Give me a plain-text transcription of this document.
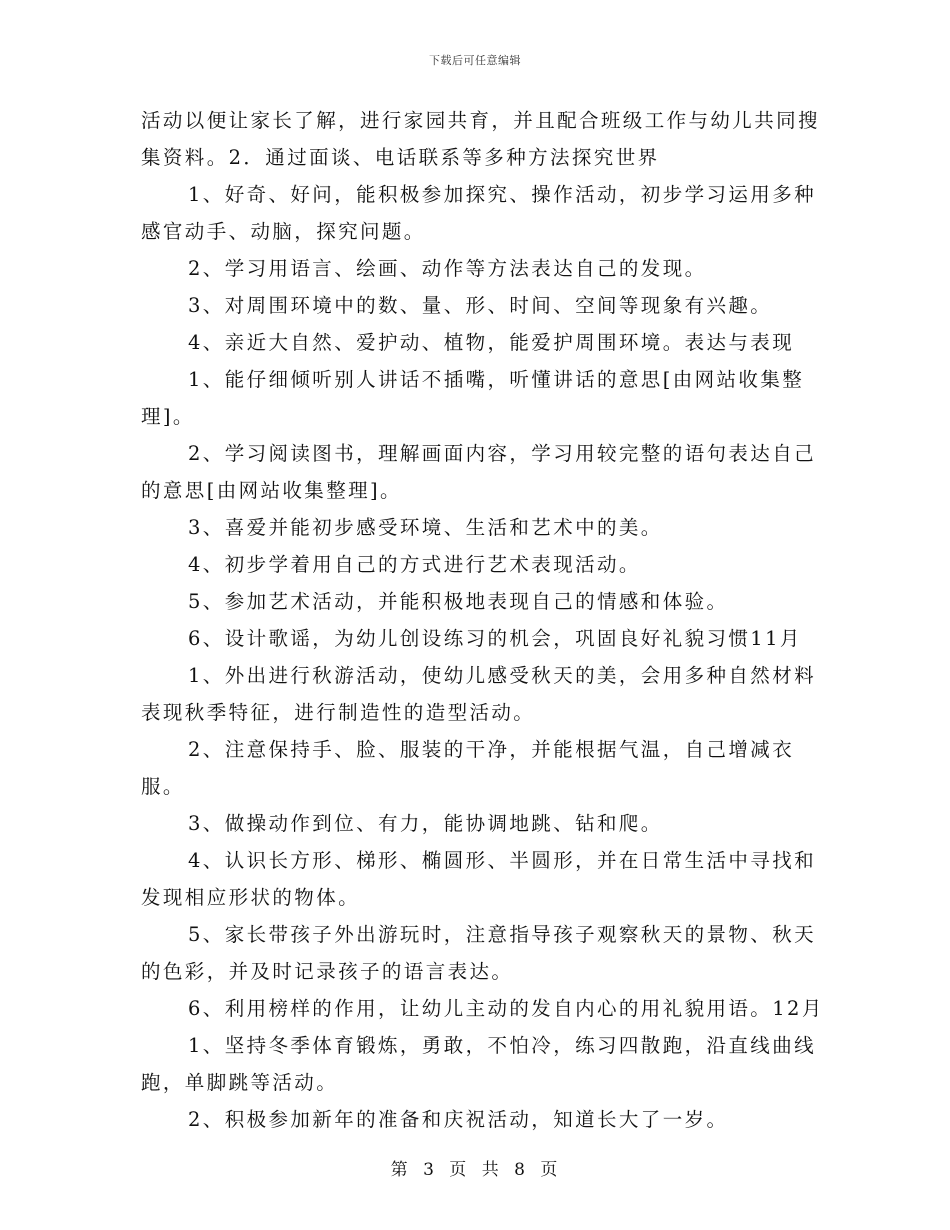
下载后可任意编辑

活动以便让家长了解，进行家园共育，并且配合班级工作与幼儿共同搜集资料。2．通过面谈、电话联系等多种方法探究世界

1、好奇、好问，能积极参加探究、操作活动，初步学习运用多种感官动手、动脑，探究问题。

2、学习用语言、绘画、动作等方法表达自己的发现。

3、对周围环境中的数、量、形、时间、空间等现象有兴趣。

4、亲近大自然、爱护动、植物，能爱护周围环境。表达与表现

1、能仔细倾听别人讲话不插嘴，听懂讲话的意思[由网站收集整理]。

2、学习阅读图书，理解画面内容，学习用较完整的语句表达自己的意思[由网站收集整理]。

3、喜爱并能初步感受环境、生活和艺术中的美。

4、初步学着用自己的方式进行艺术表现活动。

5、参加艺术活动，并能积极地表现自己的情感和体验。

6、设计歌谣，为幼儿创设练习的机会，巩固良好礼貌习惯11月

1、外出进行秋游活动，使幼儿感受秋天的美，会用多种自然材料表现秋季特征，进行制造性的造型活动。

2、注意保持手、脸、服装的干净，并能根据气温，自己增减衣服。

3、做操动作到位、有力，能协调地跳、钻和爬。

4、认识长方形、梯形、椭圆形、半圆形，并在日常生活中寻找和发现相应形状的物体。

5、家长带孩子外出游玩时，注意指导孩子观察秋天的景物、秋天的色彩，并及时记录孩子的语言表达。

6、利用榜样的作用，让幼儿主动的发自内心的用礼貌用语。12月

1、坚持冬季体育锻炼，勇敢，不怕冷，练习四散跑，沿直线曲线跑，单脚跳等活动。

2、积极参加新年的准备和庆祝活动，知道长大了一岁。

第 3 页 共 8 页
